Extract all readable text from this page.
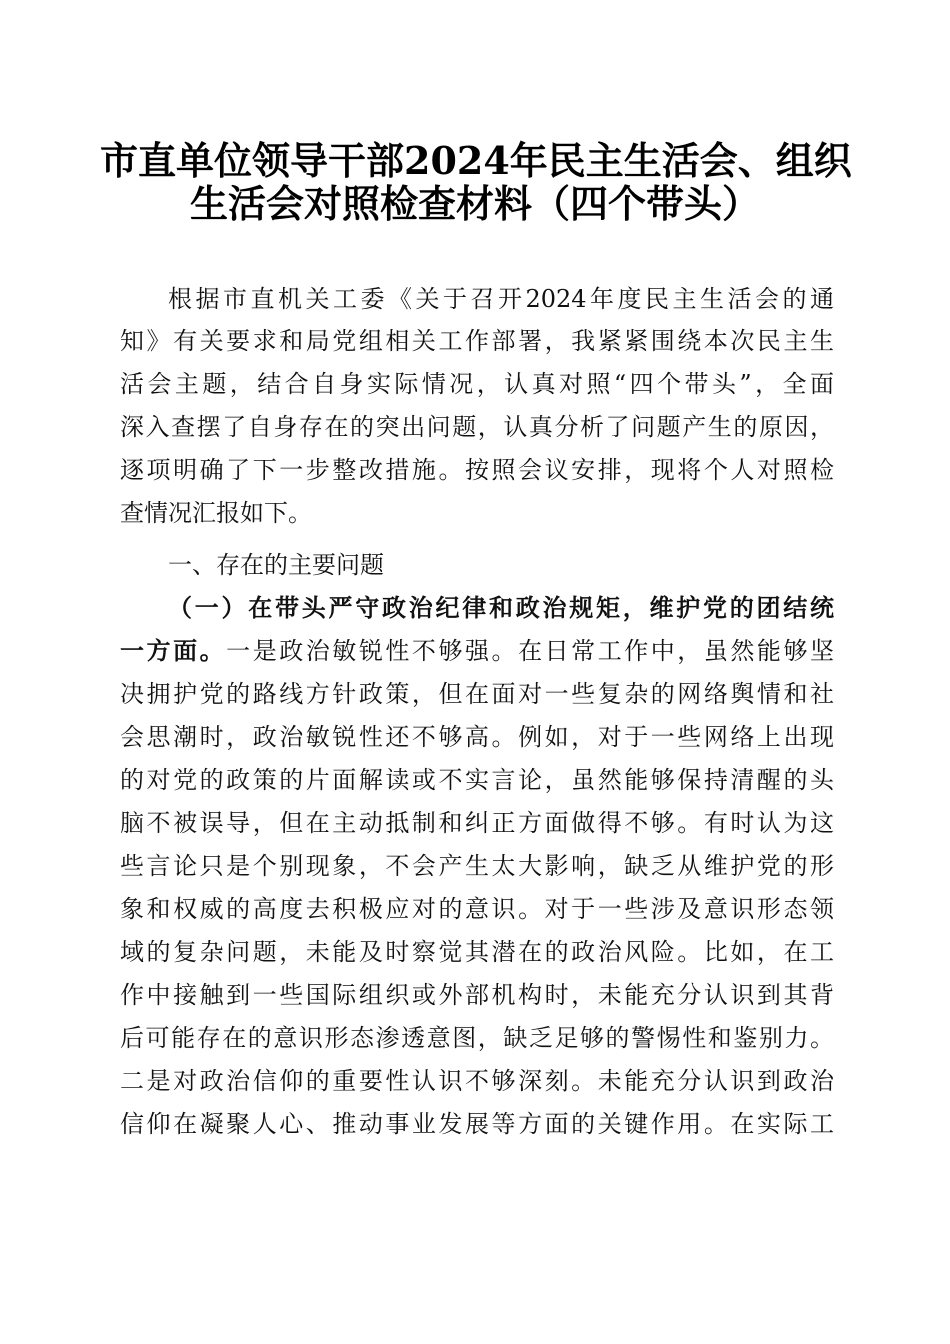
市直单位领导干部2024年民主生活会、组织
生活会对照检查材料（四个带头）
根据市直机关工委《关于召开2024年度民主生活会的通
知》有关要求和局党组相关工作部署，我紧紧围绕本次民主生
活会主题，结合自身实际情况，认真对照“四个带头”，全面
深入查摆了自身存在的突出问题，认真分析了问题产生的原因，
逐项明确了下一步整改措施。按照会议安排，现将个人对照检
查情况汇报如下。
一、存在的主要问题
（一）在带头严守政治纪律和政治规矩，维护党的团结统
一方面。一是政治敏锐性不够强。在日常工作中，虽然能够坚
决拥护党的路线方针政策，但在面对一些复杂的网络舆情和社
会思潮时，政治敏锐性还不够高。例如，对于一些网络上出现
的对党的政策的片面解读或不实言论，虽然能够保持清醒的头
脑不被误导，但在主动抵制和纠正方面做得不够。有时认为这
些言论只是个别现象，不会产生太大影响，缺乏从维护党的形
象和权威的高度去积极应对的意识。对于一些涉及意识形态领
域的复杂问题，未能及时察觉其潜在的政治风险。比如，在工
作中接触到一些国际组织或外部机构时，未能充分认识到其背
后可能存在的意识形态渗透意图，缺乏足够的警惕性和鉴别力。
二是对政治信仰的重要性认识不够深刻。未能充分认识到政治
信仰在凝聚人心、推动事业发展等方面的关键作用。在实际工
